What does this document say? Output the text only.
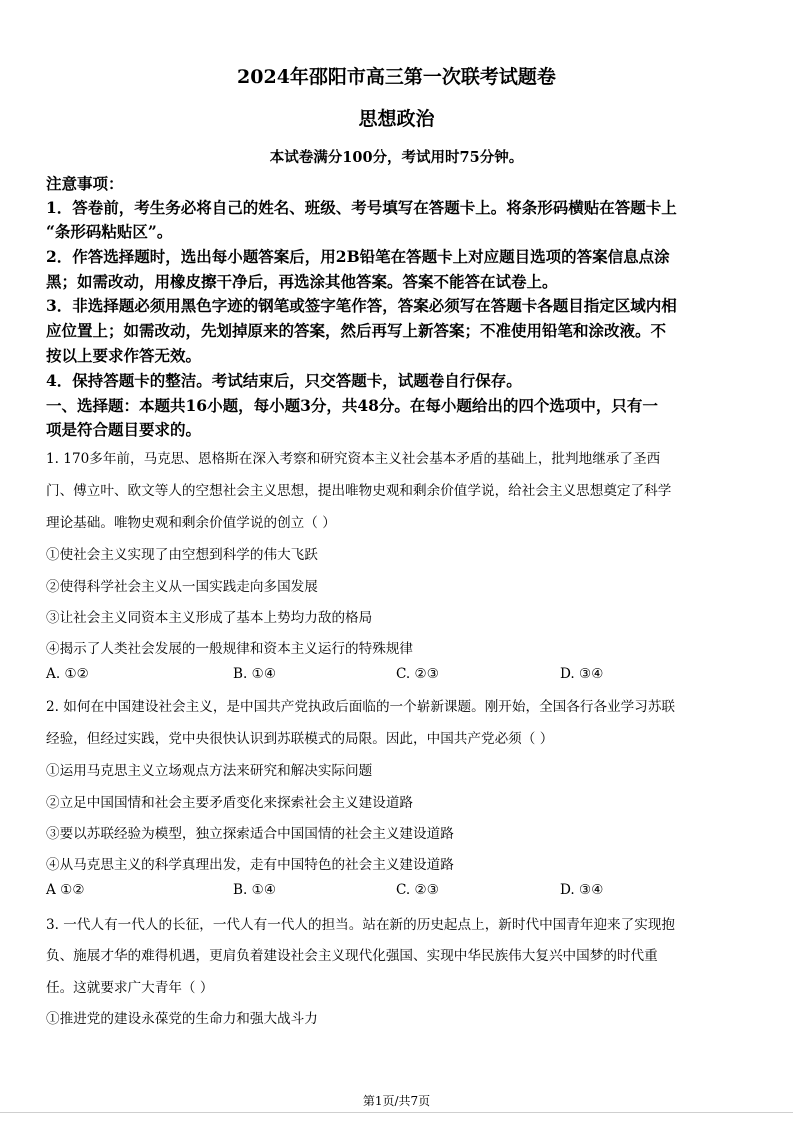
2024年邵阳市高三第一次联考试题卷
思想政治
本试卷满分100分，考试用时75分钟。
注意事项：
1．答卷前，考生务必将自己的姓名、班级、考号填写在答题卡上。将条形码横贴在答题卡上
“条形码粘贴区”。
2．作答选择题时，选出每小题答案后，用2B铅笔在答题卡上对应题目选项的答案信息点涂
黑；如需改动，用橡皮擦干净后，再选涂其他答案。答案不能答在试卷上。
3．非选择题必须用黑色字迹的钢笔或签字笔作答，答案必须写在答题卡各题目指定区域内相
应位置上；如需改动，先划掉原来的答案，然后再写上新答案；不准使用铅笔和涂改液。不
按以上要求作答无效。
4．保持答题卡的整洁。考试结束后，只交答题卡，试题卷自行保存。
一、选择题：本题共16小题，每小题3分，共48分。在每小题给出的四个选项中，只有一
项是符合题目要求的。
1. 170多年前，马克思、恩格斯在深入考察和研究资本主义社会基本矛盾的基础上，批判地继承了圣西
门、傅立叶、欧文等人的空想社会主义思想，提出唯物史观和剩余价值学说，给社会主义思想奠定了科学
理论基础。唯物史观和剩余价值学说的创立（ ）
①使社会主义实现了由空想到科学的伟大飞跃
②使得科学社会主义从一国实践走向多国发展
③让社会主义同资本主义形成了基本上势均力敌的格局
④揭示了人类社会发展的一般规律和资本主义运行的特殊规律
A. ①②	B. ①④	C. ②③	D. ③④
2. 如何在中国建设社会主义，是中国共产党执政后面临的一个崭新课题。刚开始，全国各行各业学习苏联
经验，但经过实践，党中央很快认识到苏联模式的局限。因此，中国共产党必须（ ）
①运用马克思主义立场观点方法来研究和解决实际问题
②立足中国国情和社会主要矛盾变化来探索社会主义建设道路
③要以苏联经验为模型，独立探索适合中国国情的社会主义建设道路
④从马克思主义的科学真理出发，走有中国特色的社会主义建设道路
A ①②	B. ①④	C. ②③	D. ③④
3. 一代人有一代人的长征，一代人有一代人的担当。站在新的历史起点上，新时代中国青年迎来了实现抱
负、施展才华的难得机遇，更肩负着建设社会主义现代化强国、实现中华民族伟大复兴中国梦的时代重
任。这就要求广大青年（ ）
①推进党的建设永葆党的生命力和强大战斗力
第1页/共7页
